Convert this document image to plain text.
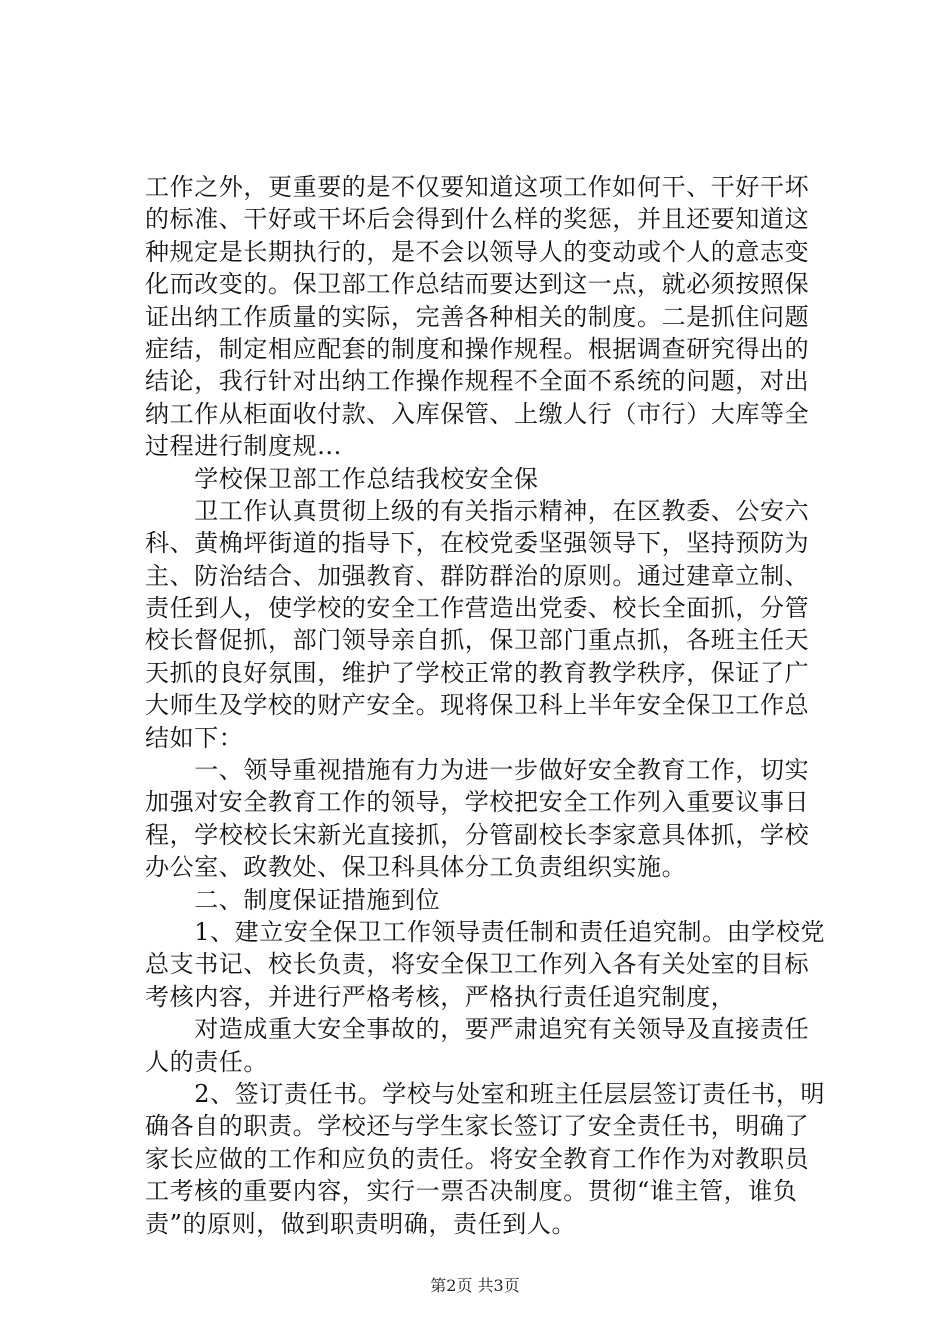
工作之外，更重要的是不仅要知道这项工作如何干、干好干坏
的标准、干好或干坏后会得到什么样的奖惩，并且还要知道这
种规定是长期执行的，是不会以领导人的变动或个人的意志变
化而改变的。保卫部工作总结而要达到这一点，就必须按照保
证出纳工作质量的实际，完善各种相关的制度。二是抓住问题
症结，制定相应配套的制度和操作规程。根据调查研究得出的
结论，我行针对出纳工作操作规程不全面不系统的问题，对出
纳工作从柜面收付款、入库保管、上缴人行（市行）大库等全
过程进行制度规...
　　学校保卫部工作总结我校安全保
　　卫工作认真贯彻上级的有关指示精神，在区教委、公安六
科、黄桷坪街道的指导下，在校党委坚强领导下，坚持预防为
主、防治结合、加强教育、群防群治的原则。通过建章立制、
责任到人，使学校的安全工作营造出党委、校长全面抓，分管
校长督促抓，部门领导亲自抓，保卫部门重点抓，各班主任天
天抓的良好氛围，维护了学校正常的教育教学秩序，保证了广
大师生及学校的财产安全。现将保卫科上半年安全保卫工作总
结如下：
　　一、领导重视措施有力为进一步做好安全教育工作，切实
加强对安全教育工作的领导，学校把安全工作列入重要议事日
程，学校校长宋新光直接抓，分管副校长李家意具体抓，学校
办公室、政教处、保卫科具体分工负责组织实施。
　　二、制度保证措施到位
　　1、建立安全保卫工作领导责任制和责任追究制。由学校党
总支书记、校长负责，将安全保卫工作列入各有关处室的目标
考核内容，并进行严格考核，严格执行责任追究制度，
　　对造成重大安全事故的，要严肃追究有关领导及直接责任
人的责任。
　　2、签订责任书。学校与处室和班主任层层签订责任书，明
确各自的职责。学校还与学生家长签订了安全责任书，明确了
家长应做的工作和应负的责任。将安全教育工作作为对教职员
工考核的重要内容，实行一票否决制度。贯彻“谁主管，谁负
责”的原则，做到职责明确，责任到人。
第2页 共3页
